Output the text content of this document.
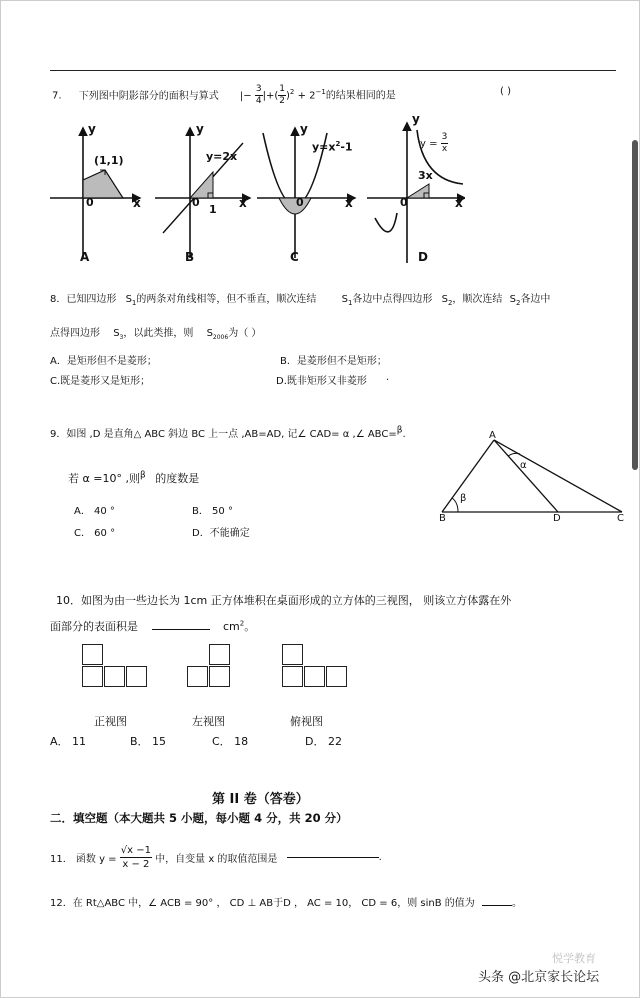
7. 下列图中阴影部分的面积与算式 |− $\frac{3}{4}$ |+( $\frac{1}{2} )^2 + 2^{-1}$的结果相同的是	( )
y
(1,1)
0	x
A
y
y=2x
0
1 x
B
y
$y=x^2-1$
0	x
C
y
$y = \frac{3}{x}$
3x
0	x
D
8．已知四边形 $S_1$的两条对角线相等，但不垂直，顺次连结	$S_1$各边中点得四边形 $S_2$，顺次连结 $S_2$各边中
点得四边形 $S_3$，以此类推，则 $S_{2006}$为（ ）
A．是矩形但不是菱形；	B．是菱形但不是矩形；
C.既是菱形又是矩形；	D.既非矩形又非菱形 .
9．如图 ,D 是直角△ ABC 斜边 BC 上一点 ,AB=AD, 记∠ CAD= α ,∠ ABC=$^\beta$.
若 α =10° ,则$^\beta$ 的度数是
A． 40 °	B． 50 °
C． 60 °	D．不能确定
A
B	D	C
α
β
10．如图为由一些边长为 1cm 正方体堆积在桌面形成的立方体的三视图， 则该立方体露在外
面部分的表面积是	$cm^2$。
正视图	左视图	俯视图
A． 11	B． 15	C． 18	D． 22
第 II 卷（答卷）
二．填空题（本大题共 5 小题，每小题 4 分，共 20 分）
11． 函数 $y = \frac{√x -1}{x - 2}$ 中，自变量 x 的取值范围是	.
12．在 Rt△ABC 中，∠ ACB = 90° ， CD ⊥ AB于D ， AC = 10， CD = 6，则 sinB 的值为	。
悦学教育
头条 @北京家长论坛
